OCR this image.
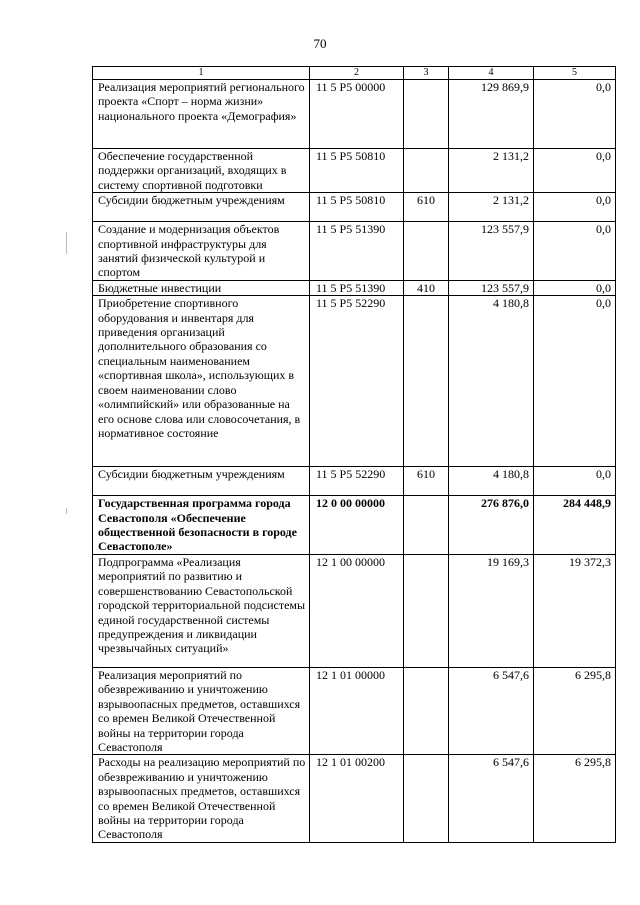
70
1	2	3	4	5
Реализация мероприятий регионального проекта «Спорт – норма жизни» национального проекта «Демография»	11 5 P5 00000		129 869,9	0,0
Обеспечение государственной поддержки организаций, входящих в систему спортивной подготовки	11 5 P5 50810		2 131,2	0,0
Субсидии бюджетным учреждениям	11 5 P5 50810	610	2 131,2	0,0
Создание и модернизация объектов спортивной инфраструктуры для занятий физической культурой и спортом	11 5 P5 51390		123 557,9	0,0
Бюджетные инвестиции	11 5 P5 51390	410	123 557,9	0,0
Приобретение спортивного оборудования и инвентаря для приведения организаций дополнительного образования со специальным наименованием «спортивная школа», использующих в своем наименовании слово «олимпийский» или образованные на его основе слова или словосочетания, в нормативное состояние	11 5 P5 52290		4 180,8	0,0
Субсидии бюджетным учреждениям	11 5 P5 52290	610	4 180,8	0,0
Государственная программа города Севастополя «Обеспечение общественной безопасности в городе Севастополе»	12 0 00 00000		276 876,0	284 448,9
Подпрограмма «Реализация мероприятий по развитию и совершенствованию Севастопольской городской территориальной подсистемы единой государственной системы предупреждения и ликвидации чрезвычайных ситуаций»	12 1 00 00000		19 169,3	19 372,3
Реализация мероприятий по обезвреживанию и уничтожению взрывоопасных предметов, оставшихся со времен Великой Отечественной войны на территории города Севастополя	12 1 01 00000		6 547,6	6 295,8
Расходы на реализацию мероприятий по обезвреживанию и уничтожению взрывоопасных предметов, оставшихся со времен Великой Отечественной войны на территории города Севастополя	12 1 01 00200		6 547,6	6 295,8
